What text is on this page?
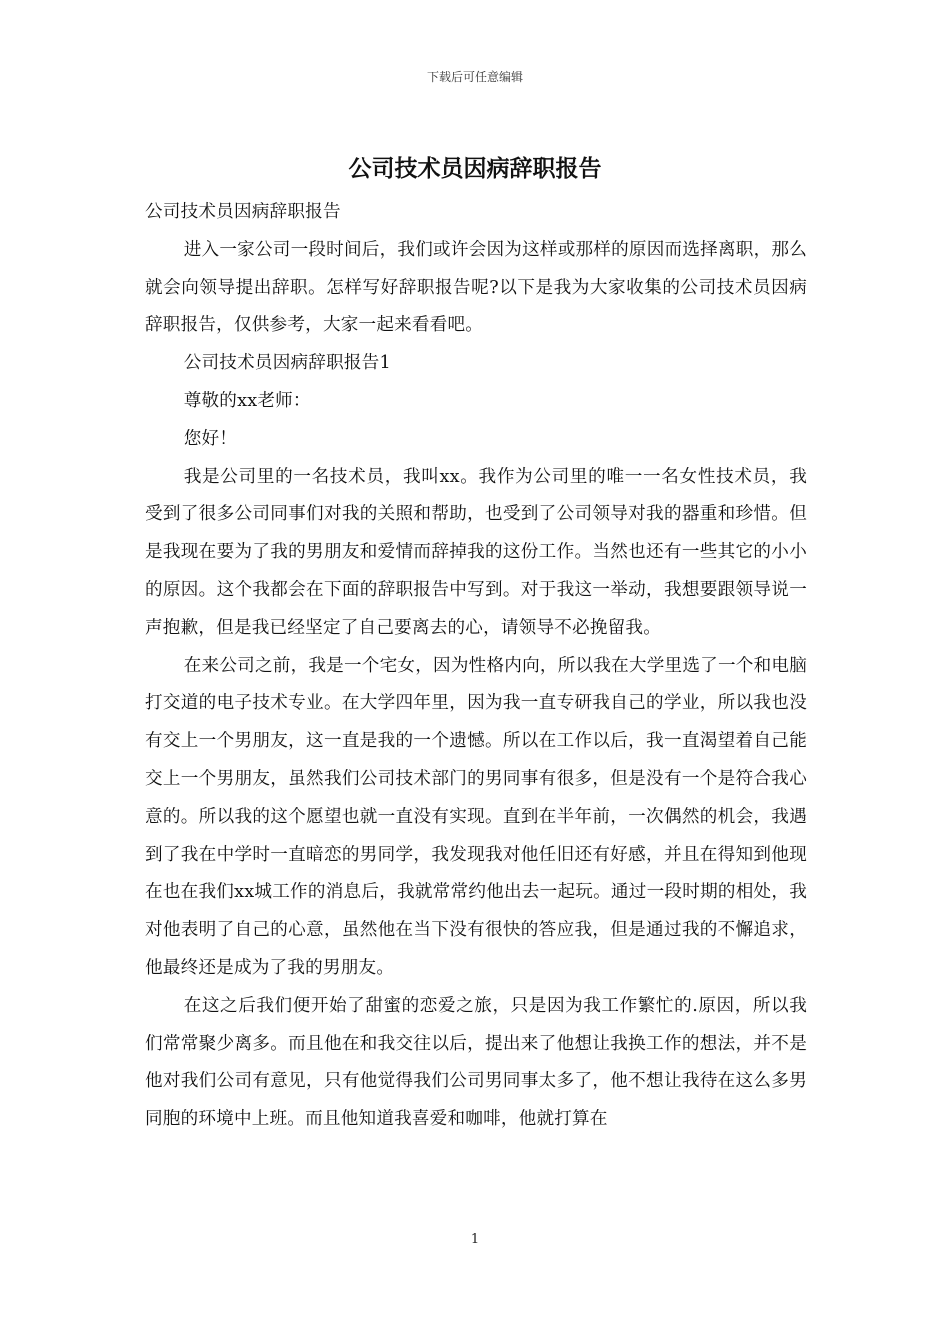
下载后可任意编辑
公司技术员因病辞职报告

公司技术员因病辞职报告

进入一家公司一段时间后，我们或许会因为这样或那样的原因而选择离职，那么就会向领导提出辞职。怎样写好辞职报告呢?以下是我为大家收集的公司技术员因病辞职报告，仅供参考，大家一起来看看吧。

公司技术员因病辞职报告1

尊敬的xx老师：

您好！

我是公司里的一名技术员，我叫xx。我作为公司里的唯一一名女性技术员，我受到了很多公司同事们对我的关照和帮助，也受到了公司领导对我的器重和珍惜。但是我现在要为了我的男朋友和爱情而辞掉我的这份工作。当然也还有一些其它的小小的原因。这个我都会在下面的辞职报告中写到。对于我这一举动，我想要跟领导说一声抱歉，但是我已经坚定了自己要离去的心，请领导不必挽留我。

在来公司之前，我是一个宅女，因为性格内向，所以我在大学里选了一个和电脑打交道的电子技术专业。在大学四年里，因为我一直专研我自己的学业，所以我也没有交上一个男朋友，这一直是我的一个遗憾。所以在工作以后，我一直渴望着自己能交上一个男朋友，虽然我们公司技术部门的男同事有很多，但是没有一个是符合我心意的。所以我的这个愿望也就一直没有实现。直到在半年前，一次偶然的机会，我遇到了我在中学时一直暗恋的男同学，我发现我对他任旧还有好感，并且在得知到他现在也在我们xx城工作的消息后，我就常常约他出去一起玩。通过一段时期的相处，我对他表明了自己的心意，虽然他在当下没有很快的答应我，但是通过我的不懈追求，他最终还是成为了我的男朋友。

在这之后我们便开始了甜蜜的恋爱之旅，只是因为我工作繁忙的.原因，所以我们常常聚少离多。而且他在和我交往以后，提出来了他想让我换工作的想法，并不是他对我们公司有意见，只有他觉得我们公司男同事太多了，他不想让我待在这么多男同胞的环境中上班。而且他知道我喜爱和咖啡，他就打算在

1
